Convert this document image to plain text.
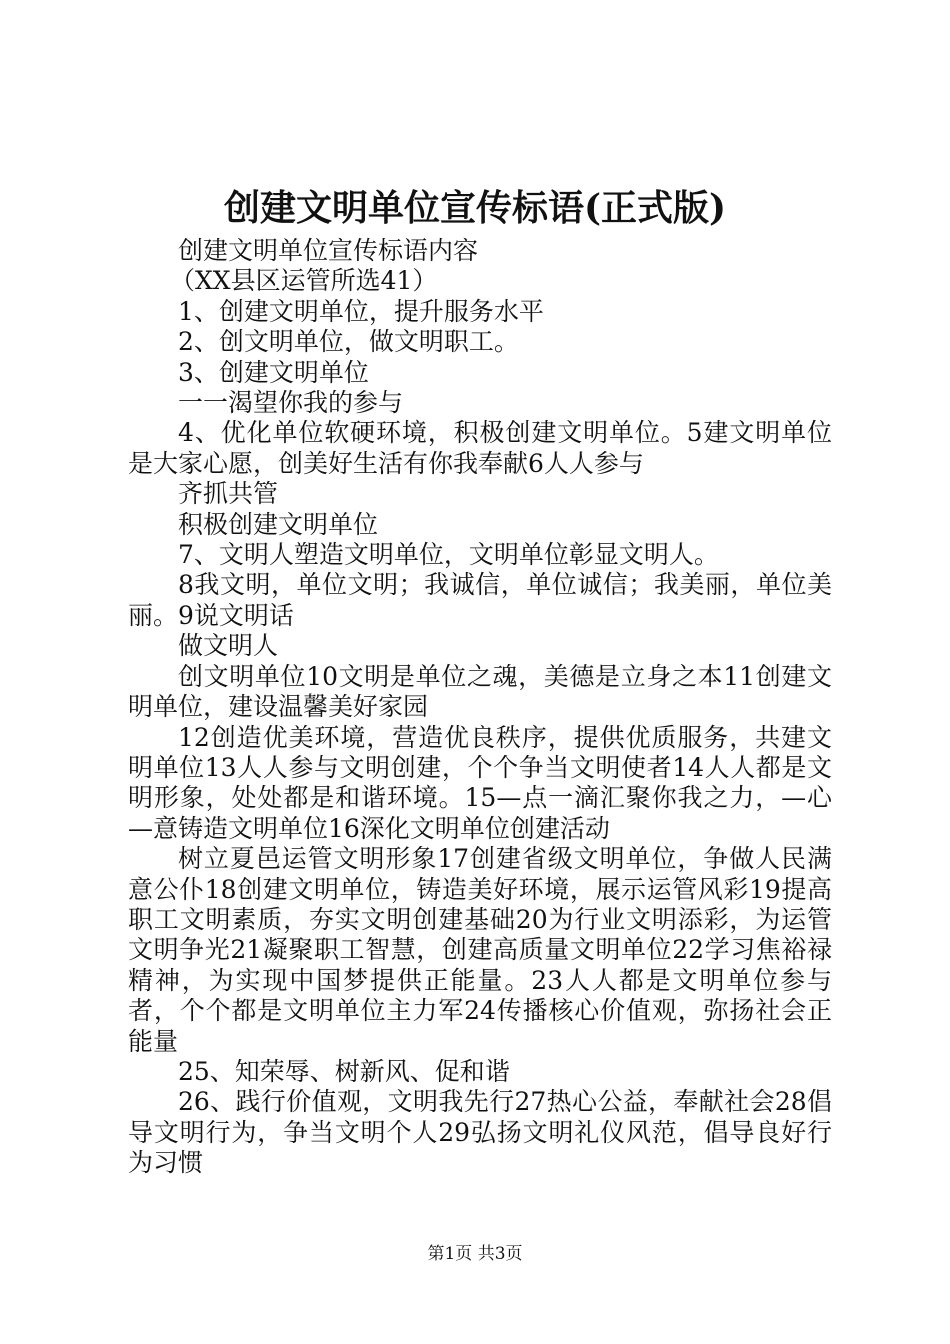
创建文明单位宣传标语(正式版)

创建文明单位宣传标语内容

（XX县区运管所选41）

1、创建文明单位，提升服务水平

2、创文明单位，做文明职工。

3、创建文明单位

一一渴望你我的参与

4、优化单位软硬环境，积极创建文明单位。5建文明单位是大家心愿，创美好生活有你我奉献6人人参与

齐抓共管

积极创建文明单位

7、文明人塑造文明单位，文明单位彰显文明人。

8我文明，单位文明；我诚信，单位诚信；我美丽，单位美丽。9说文明话

做文明人

创文明单位10文明是单位之魂，美德是立身之本11创建文明单位，建设温馨美好家园

12创造优美环境，营造优良秩序，提供优质服务，共建文明单位13人人参与文明创建，个个争当文明使者14人人都是文明形象，处处都是和谐环境。15—点一滴汇聚你我之力，—心—意铸造文明单位16深化文明单位创建活动

树立夏邑运管文明形象17创建省级文明单位，争做人民满意公仆18创建文明单位，铸造美好环境，展示运管风彩19提高职工文明素质，夯实文明创建基础20为行业文明添彩，为运管文明争光21凝聚职工智慧，创建高质量文明单位22学习焦裕禄精神，为实现中国梦提供正能量。23人人都是文明单位参与者，个个都是文明单位主力军24传播核心价值观，弥扬社会正能量

25、知荣辱、树新风、促和谐

26、践行价值观，文明我先行27热心公益，奉献社会28倡导文明行为，争当文明个人29弘扬文明礼仪风范，倡导良好行为习惯

第1页 共3页
